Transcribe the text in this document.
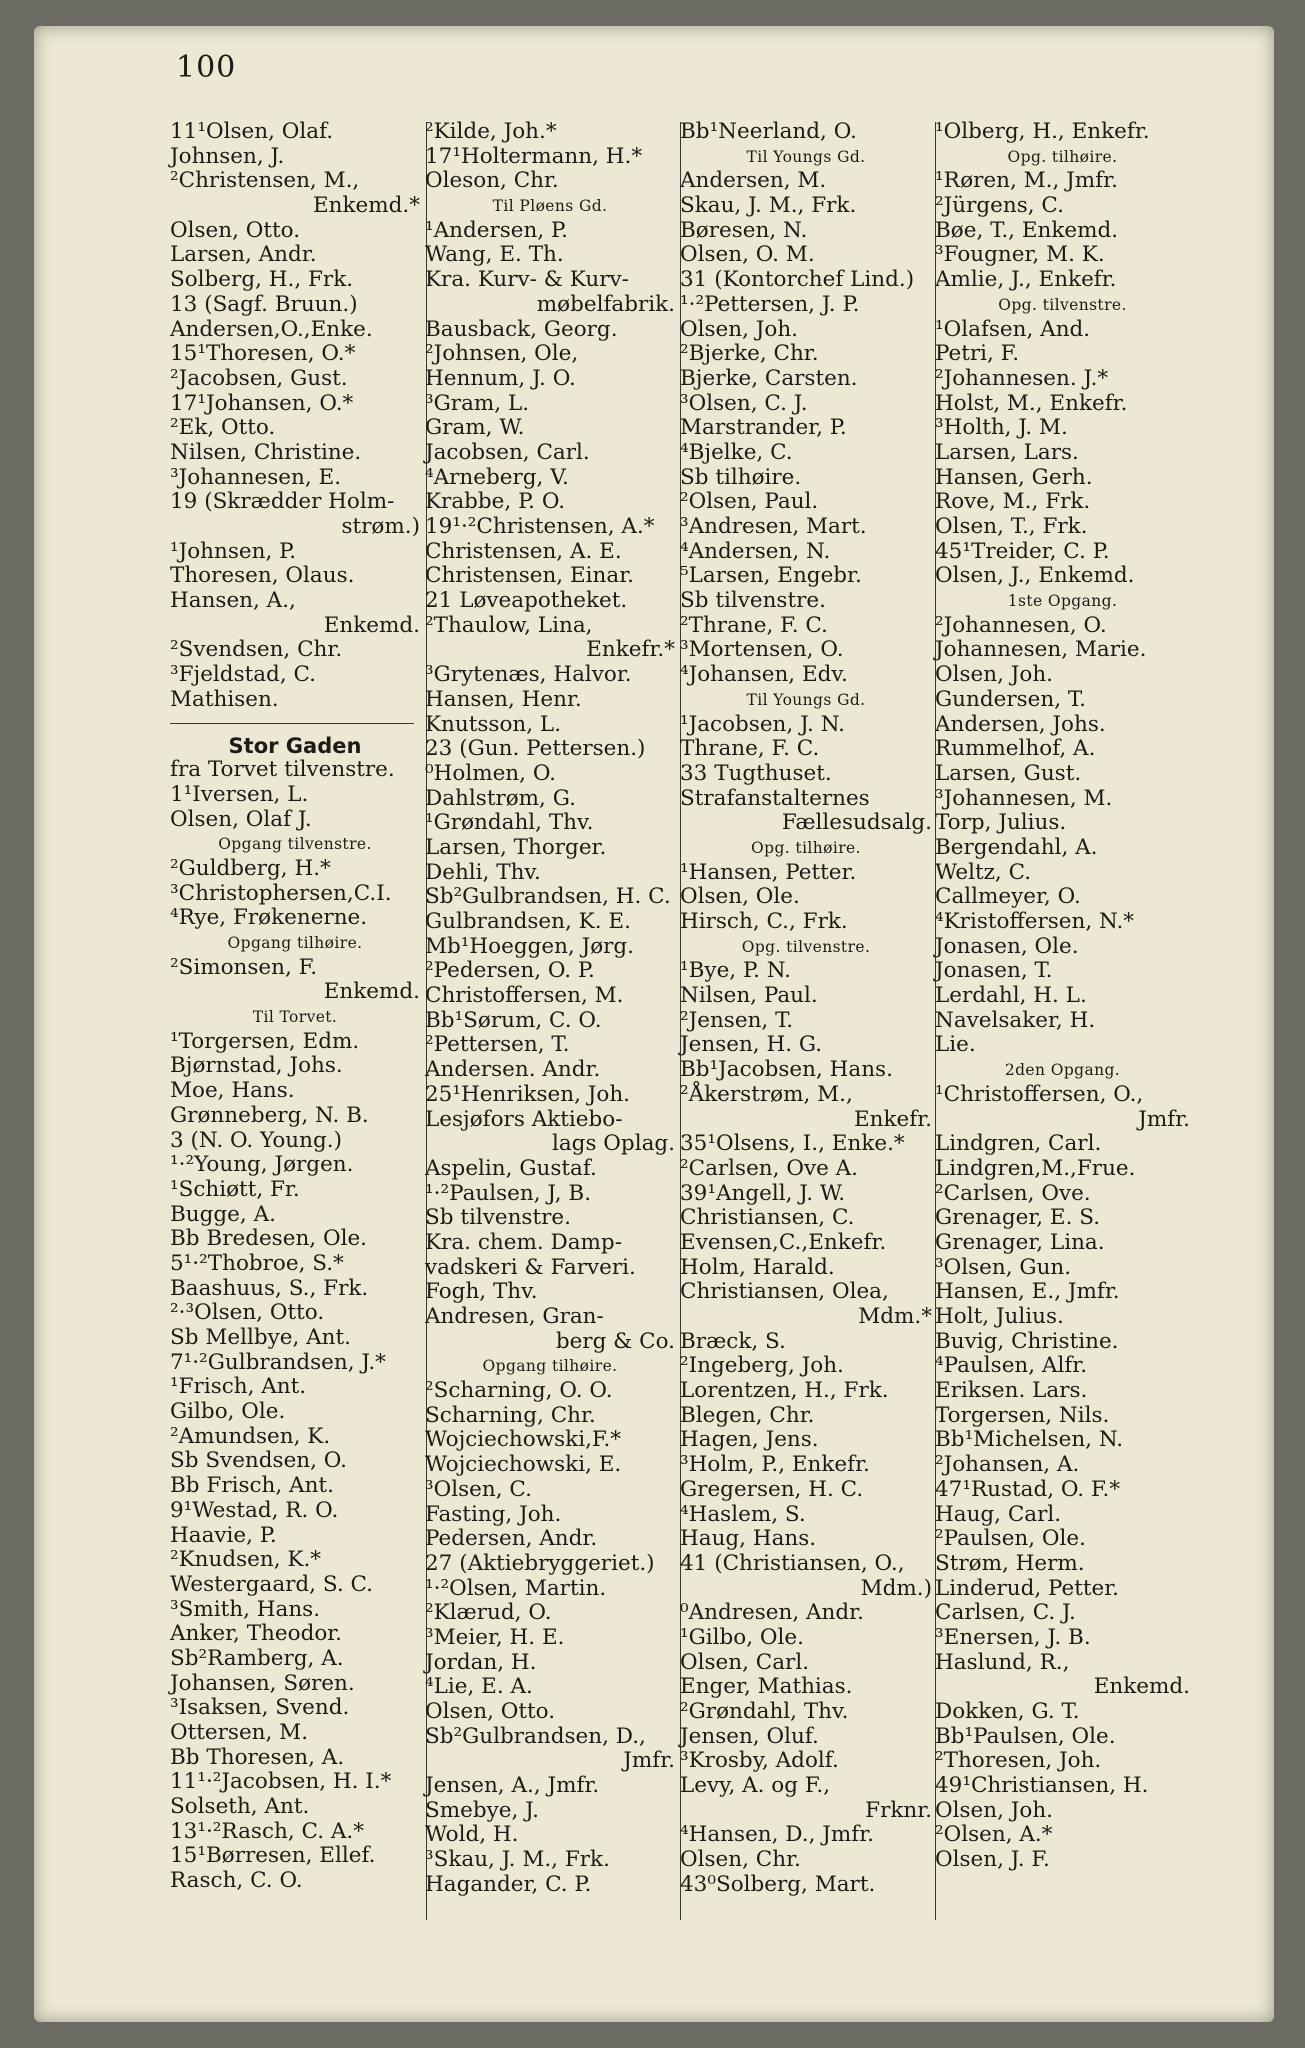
100
11¹Olsen, Olaf.
Johnsen, J.
²Christensen, M.,
Enkemd.*
Olsen, Otto.
Larsen, Andr.
Solberg, H., Frk.
13 (Sagf. Bruun.)
Andersen,O.,Enke.
15¹Thoresen, O.*
²Jacobsen, Gust.
17¹Johansen, O.*
²Ek, Otto.
Nilsen, Christine.
³Johannesen, E.
19 (Skrædder Holm-
strøm.)
¹Johnsen, P.
Thoresen, Olaus.
Hansen, A.,
Enkemd.
²Svendsen, Chr.
³Fjeldstad, C.
Mathisen.
Stor Gaden
fra Torvet tilvenstre.
1¹Iversen, L.
Olsen, Olaf J.
Opgang tilvenstre.
²Guldberg, H.*
³Christophersen,C.I.
⁴Rye, Frøkenerne.
Opgang tilhøire.
²Simonsen, F.
Enkemd.
Til Torvet.
¹Torgersen, Edm.
Bjørnstad, Johs.
Moe, Hans.
Grønneberg, N. B.
3 (N. O. Young.)
¹·²Young, Jørgen.
¹Schiøtt, Fr.
Bugge, A.
Bb Bredesen, Ole.
5¹·²Thobroe, S.*
Baashuus, S., Frk.
²·³Olsen, Otto.
Sb Mellbye, Ant.
7¹·²Gulbrandsen, J.*
¹Frisch, Ant.
Gilbo, Ole.
²Amundsen, K.
Sb Svendsen, O.
Bb Frisch, Ant.
9¹Westad, R. O.
Haavie, P.
²Knudsen, K.*
Westergaard, S. C.
³Smith, Hans.
Anker, Theodor.
Sb²Ramberg, A.
Johansen, Søren.
³Isaksen, Svend.
Ottersen, M.
Bb Thoresen, A.
11¹·²Jacobsen, H. I.*
Solseth, Ant.
13¹·²Rasch, C. A.*
15¹Børresen, Ellef.
Rasch, C. O.
²Kilde, Joh.*
17¹Holtermann, H.*
Oleson, Chr.
Til Pløens Gd.
¹Andersen, P.
Wang, E. Th.
Kra. Kurv- & Kurv-
møbelfabrik.
Bausback, Georg.
²Johnsen, Ole,
Hennum, J. O.
³Gram, L.
Gram, W.
Jacobsen, Carl.
⁴Arneberg, V.
Krabbe, P. O.
19¹·²Christensen, A.*
Christensen, A. E.
Christensen, Einar.
21 Løveapotheket.
²Thaulow, Lina,
Enkefr.*
³Grytenæs, Halvor.
Hansen, Henr.
Knutsson, L.
23 (Gun. Pettersen.)
⁰Holmen, O.
Dahlstrøm, G.
¹Grøndahl, Thv.
Larsen, Thorger.
Dehli, Thv.
Sb²Gulbrandsen, H. C.
Gulbrandsen, K. E.
Mb¹Hoeggen, Jørg.
²Pedersen, O. P.
Christoffersen, M.
Bb¹Sørum, C. O.
²Pettersen, T.
Andersen. Andr.
25¹Henriksen, Joh.
Lesjøfors Aktiebo-
lags Oplag.
Aspelin, Gustaf.
¹·²Paulsen, J, B.
Sb tilvenstre.
Kra. chem. Damp-
vadskeri & Farveri.
Fogh, Thv.
Andresen, Gran-
berg & Co.
Opgang tilhøire.
²Scharning, O. O.
Scharning, Chr.
Wojciechowski,F.*
Wojciechowski, E.
³Olsen, C.
Fasting, Joh.
Pedersen, Andr.
27 (Aktiebryggeriet.)
¹·²Olsen, Martin.
²Klærud, O.
³Meier, H. E.
Jordan, H.
⁴Lie, E. A.
Olsen, Otto.
Sb²Gulbrandsen, D.,
Jmfr.
Jensen, A., Jmfr.
Smebye, J.
Wold, H.
³Skau, J. M., Frk.
Hagander, C. P.
Bb¹Neerland, O.
Til Youngs Gd.
Andersen, M.
Skau, J. M., Frk.
Børesen, N.
Olsen, O. M.
31 (Kontorchef Lind.)
¹·²Pettersen, J. P.
Olsen, Joh.
²Bjerke, Chr.
Bjerke, Carsten.
³Olsen, C. J.
Marstrander, P.
⁴Bjelke, C.
Sb tilhøire.
²Olsen, Paul.
³Andresen, Mart.
⁴Andersen, N.
⁵Larsen, Engebr.
Sb tilvenstre.
²Thrane, F. C.
³Mortensen, O.
⁴Johansen, Edv.
Til Youngs Gd.
¹Jacobsen, J. N.
Thrane, F. C.
33 Tugthuset.
Strafanstalternes
Fællesudsalg.
Opg. tilhøire.
¹Hansen, Petter.
Olsen, Ole.
Hirsch, C., Frk.
Opg. tilvenstre.
¹Bye, P. N.
Nilsen, Paul.
²Jensen, T.
Jensen, H. G.
Bb¹Jacobsen, Hans.
²Åkerstrøm, M.,
Enkefr.
35¹Olsens, I., Enke.*
²Carlsen, Ove A.
39¹Angell, J. W.
Christiansen, C.
Evensen,C.,Enkefr.
Holm, Harald.
Christiansen, Olea,
Mdm.*
Bræck, S.
²Ingeberg, Joh.
Lorentzen, H., Frk.
Blegen, Chr.
Hagen, Jens.
³Holm, P., Enkefr.
Gregersen, H. C.
⁴Haslem, S.
Haug, Hans.
41 (Christiansen, O.,
Mdm.)
⁰Andresen, Andr.
¹Gilbo, Ole.
Olsen, Carl.
Enger, Mathias.
²Grøndahl, Thv.
Jensen, Oluf.
³Krosby, Adolf.
Levy, A. og F.,
Frknr.
⁴Hansen, D., Jmfr.
Olsen, Chr.
43⁰Solberg, Mart.
¹Olberg, H., Enkefr.
Opg. tilhøire.
¹Røren, M., Jmfr.
²Jürgens, C.
Bøe, T., Enkemd.
³Fougner, M. K.
Amlie, J., Enkefr.
Opg. tilvenstre.
¹Olafsen, And.
Petri, F.
²Johannesen. J.*
Holst, M., Enkefr.
³Holth, J. M.
Larsen, Lars.
Hansen, Gerh.
Rove, M., Frk.
Olsen, T., Frk.
45¹Treider, C. P.
Olsen, J., Enkemd.
1ste Opgang.
²Johannesen, O.
Johannesen, Marie.
Olsen, Joh.
Gundersen, T.
Andersen, Johs.
Rummelhof, A.
Larsen, Gust.
³Johannesen, M.
Torp, Julius.
Bergendahl, A.
Weltz, C.
Callmeyer, O.
⁴Kristoffersen, N.*
Jonasen, Ole.
Jonasen, T.
Lerdahl, H. L.
Navelsaker, H.
Lie.
2den Opgang.
¹Christoffersen, O.,
Jmfr.
Lindgren, Carl.
Lindgren,M.,Frue.
²Carlsen, Ove.
Grenager, E. S.
Grenager, Lina.
³Olsen, Gun.
Hansen, E., Jmfr.
Holt, Julius.
Buvig, Christine.
⁴Paulsen, Alfr.
Eriksen. Lars.
Torgersen, Nils.
Bb¹Michelsen, N.
²Johansen, A.
47¹Rustad, O. F.*
Haug, Carl.
²Paulsen, Ole.
Strøm, Herm.
Linderud, Petter.
Carlsen, C. J.
³Enersen, J. B.
Haslund, R.,
Enkemd.
Dokken, G. T.
Bb¹Paulsen, Ole.
²Thoresen, Joh.
49¹Christiansen, H.
Olsen, Joh.
²Olsen, A.*
Olsen, J. F.
